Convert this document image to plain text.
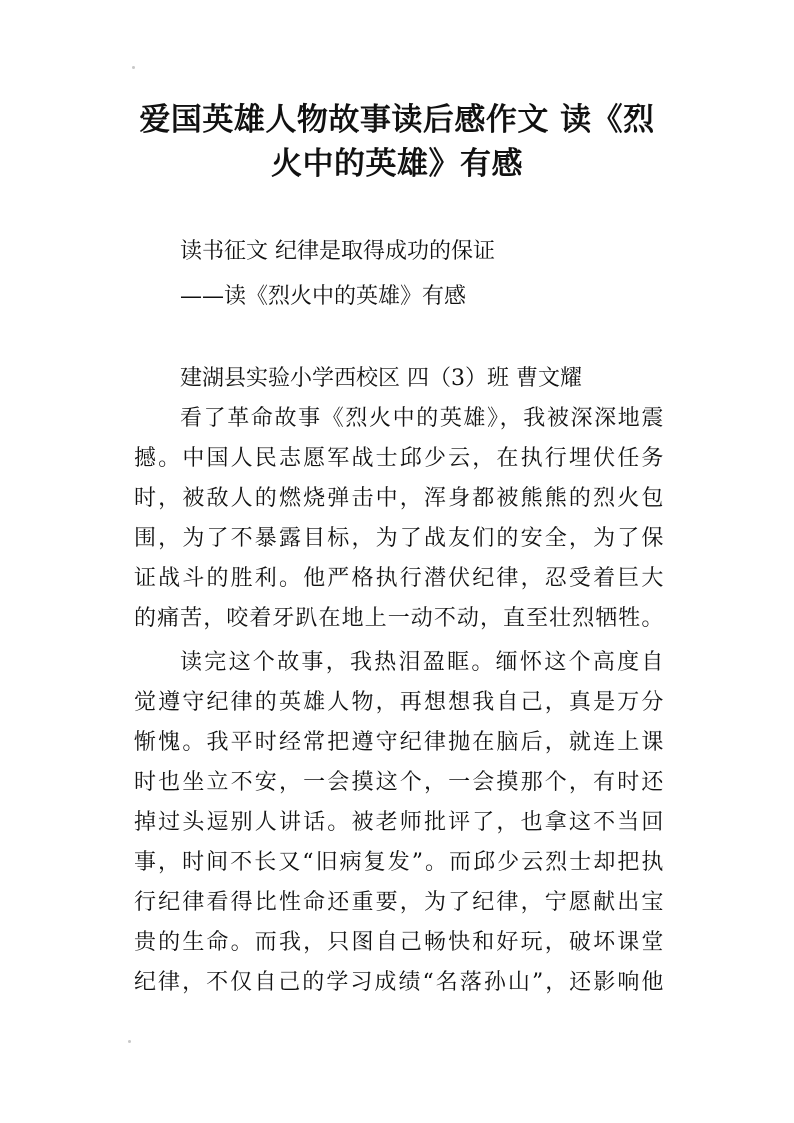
爱国英雄人物故事读后感作文 读《烈
火中的英雄》有感
读书征文 纪律是取得成功的保证
——读《烈火中的英雄》有感
建湖县实验小学西校区 四（3）班 曹文耀
看了革命故事《烈火中的英雄》，我被深深地震
撼。中国人民志愿军战士邱少云，在执行埋伏任务
时，被敌人的燃烧弹击中，浑身都被熊熊的烈火包
围，为了不暴露目标，为了战友们的安全，为了保
证战斗的胜利。他严格执行潜伏纪律，忍受着巨大
的痛苦，咬着牙趴在地上一动不动，直至壮烈牺牲。
读完这个故事，我热泪盈眶。缅怀这个高度自
觉遵守纪律的英雄人物，再想想我自己，真是万分
惭愧。我平时经常把遵守纪律抛在脑后，就连上课
时也坐立不安，一会摸这个，一会摸那个，有时还
掉过头逗别人讲话。被老师批评了，也拿这不当回
事，时间不长又“旧病复发”。而邱少云烈士却把执
行纪律看得比性命还重要，为了纪律，宁愿献出宝
贵的生命。而我，只图自己畅快和好玩，破坏课堂
纪律，不仅自己的学习成绩“名落孙山”，还影响他
